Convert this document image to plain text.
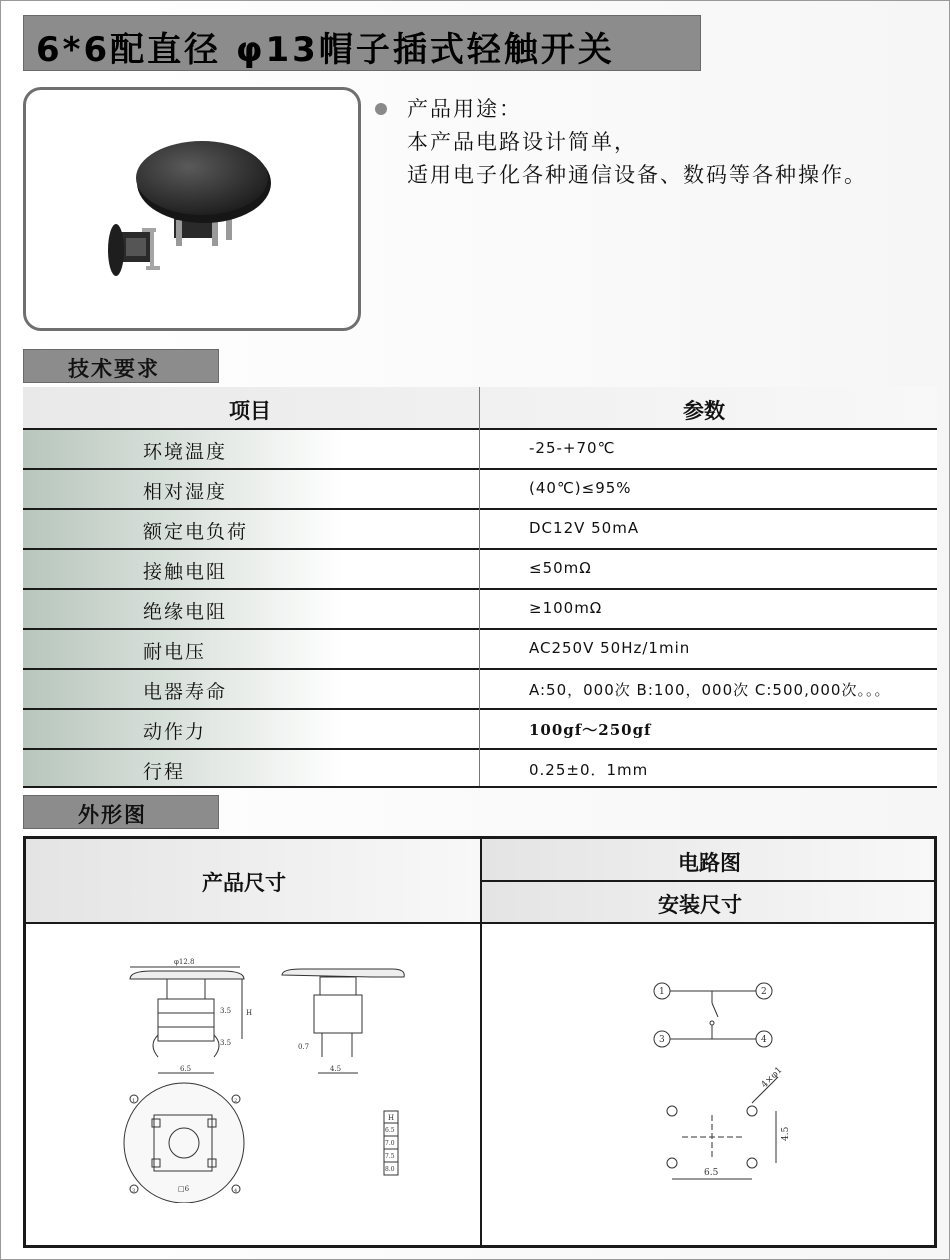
6*6配直径 φ13帽子插式轻触开关
产品用途：
本产品电路设计简单，
适用电子化各种通信设备、数码等各种操作。
技术要求
项目	参数
环境温度	-25-+70℃
相对湿度	(40℃)≤95%
额定电负荷	DC12V 50mA
接触电阻	≤50mΩ
绝缘电阻	≥100mΩ
耐电压	AC250V 50Hz/1min
电器寿命	A:50，000次 B:100，000次 C:500,000次。。。
动作力	100gf～250gf
行程	0.25±0．1mm
外形图
产品尺寸
电路图
安装尺寸
φ12.8
6.5
H
3.5
3.5	0.7
4.5
□6
1	2
3	4
H
6.5
7.0
7.5
8.0
1	2
3	4
4×φ1
4.5
6.5
